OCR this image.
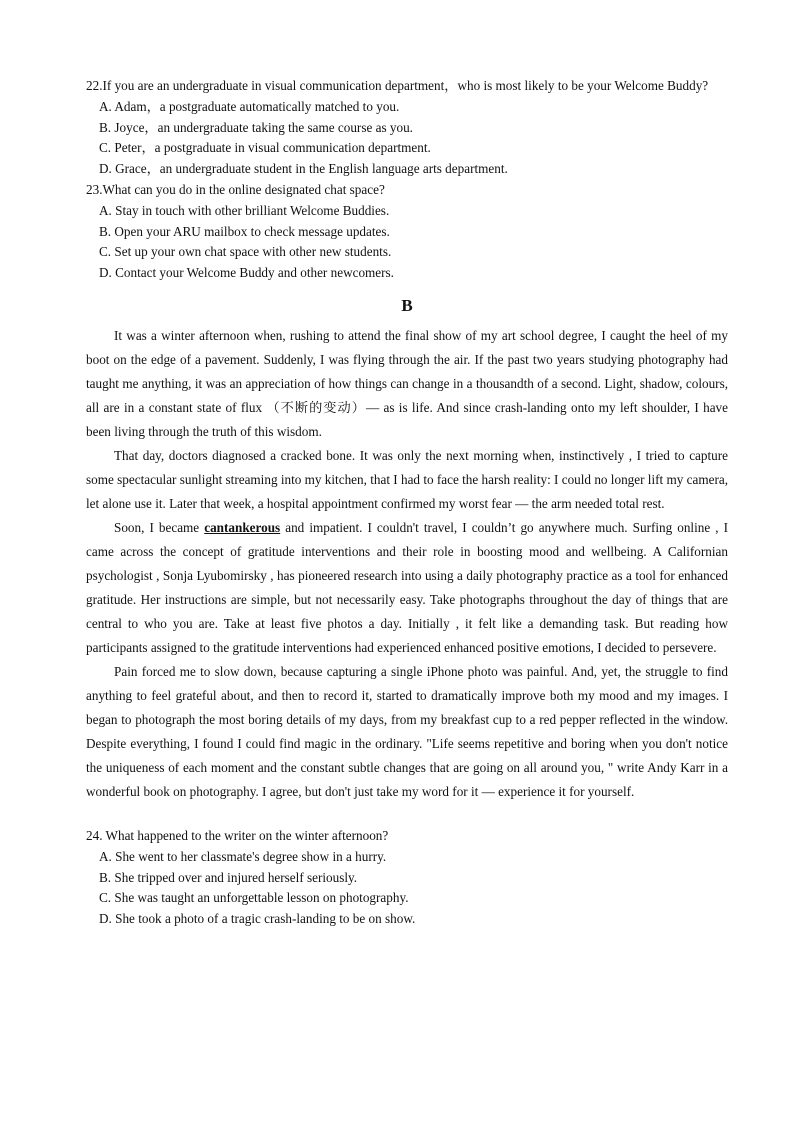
22.If you are an undergraduate in visual communication department，who is most likely to be your Welcome Buddy?

A. Adam，a postgraduate automatically matched to you.

B. Joyce，an undergraduate taking the same course as you.

C. Peter，a postgraduate in visual communication department.

D. Grace，an undergraduate student in the English language arts department.

23.What can you do in the online designated chat space?

A. Stay in touch with other brilliant Welcome Buddies.

B. Open your ARU mailbox to check message updates.

C. Set up your own chat space with other new students.

D. Contact your Welcome Buddy and other newcomers.

B

It was a winter afternoon when, rushing to attend the final show of my art school degree, I caught the heel of my boot on the edge of a pavement. Suddenly, I was flying through the air. If the past two years studying photography had taught me anything, it was an appreciation of how things can change in a thousandth of a second. Light, shadow, colours, all are in a constant state of flux （不断的变动）— as is life. And since crash-landing onto my left shoulder, I have been living through the truth of this wisdom.

That day, doctors diagnosed a cracked bone. It was only the next morning when, instinctively , I tried to capture some spectacular sunlight streaming into my kitchen, that I had to face the harsh reality: I could no longer lift my camera, let alone use it. Later that week, a hospital appointment confirmed my worst fear — the arm needed total rest.

Soon, I became cantankerous and impatient. I couldn't travel, I couldn’t go anywhere much. Surfing online , I came across the concept of gratitude interventions and their role in boosting mood and wellbeing. A Californian psychologist , Sonja Lyubomirsky , has pioneered research into using a daily photography practice as a tool for enhanced gratitude. Her instructions are simple, but not necessarily easy. Take photographs throughout the day of things that are central to who you are. Take at least five photos a day. Initially , it felt like a demanding task. But reading how participants assigned to the gratitude interventions had experienced enhanced positive emotions, I decided to persevere.

Pain forced me to slow down, because capturing a single iPhone photo was painful. And, yet, the struggle to find anything to feel grateful about, and then to record it, started to dramatically improve both my mood and my images. I began to photograph the most boring details of my days, from my breakfast cup to a red pepper reflected in the window. Despite everything, I found I could find magic in the ordinary. "Life seems repetitive and boring when you don't notice the uniqueness of each moment and the constant subtle changes that are going on all around you, " write Andy Karr in a wonderful book on photography. I agree, but don't just take my word for it — experience it for yourself.

24. What happened to the writer on the winter afternoon?

A. She went to her classmate's degree show in a hurry.

B. She tripped over and injured herself seriously.

C. She was taught an unforgettable lesson on photography.

D. She took a photo of a tragic crash-landing to be on show.
